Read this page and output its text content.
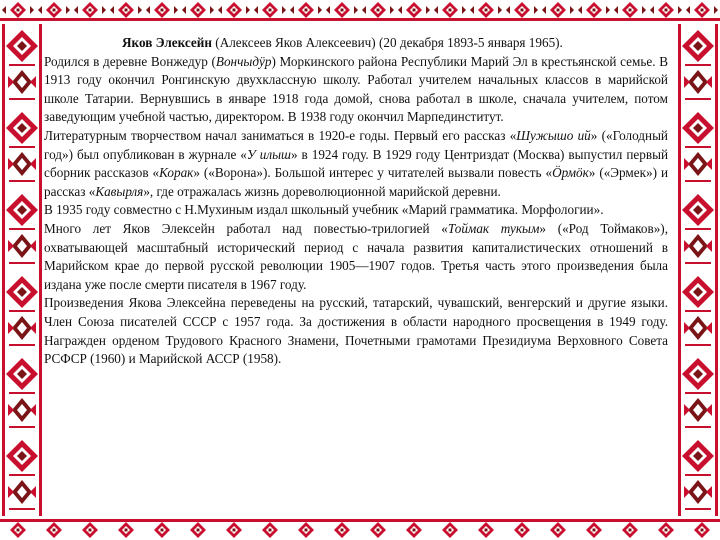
Яков Элексейн (Алексеев Яков Алексеевич) (20 декабря 1893-5 января 1965).

Родился в деревне Вонжедур (Вончыдÿр) Моркинского района Республики Марий Эл в крестьянской семье. В 1913 году окончил Ронгинскую двухклассную школу. Работал учителем начальных классов в марийской школе Татарии. Вернувшись в январе 1918 года домой, снова работал в школе, сначала учителем, потом заведующим учебной частью, директором. В 1938 году окончил Марпединститут.

Литературным творчеством начал заниматься в 1920-е годы. Первый его рассказ «Шужышо ий» («Голодный год») был опубликован в журнале «У илыш» в 1924 году. В 1929 году Центриздат (Москва) выпустил первый сборник рассказов «Корак» («Ворона»). Большой интерес у читателей вызвали повесть «Ӧрмӧк» («Эрмек») и рассказ «Кавырля», где отражалась жизнь дореволюционной марийской деревни.

В 1935 году совместно с Н.Мухиным издал школьный учебник «Марий грамматика. Морфологии».

Много лет Яков Элексейн работал над повестью-трилогией «Тоймак тукым» («Род Тоймаков»), охватывающей масштабный исторический период с начала развития капиталистических отношений в Марийском крае до первой русской революции 1905—1907 годов. Третья часть этого произведения была издана уже после смерти писателя в 1967 году.

Произведения Якова Элексейна переведены на русский, татарский, чувашский, венгерский и другие языки. Член Союза писателей СССР с 1957 года. За достижения в области народного просвещения в 1949 году. Награжден орденом Трудового Красного Знамени, Почетными грамотами Президиума Верховного Совета РСФСР (1960) и Марийской АССР (1958).
